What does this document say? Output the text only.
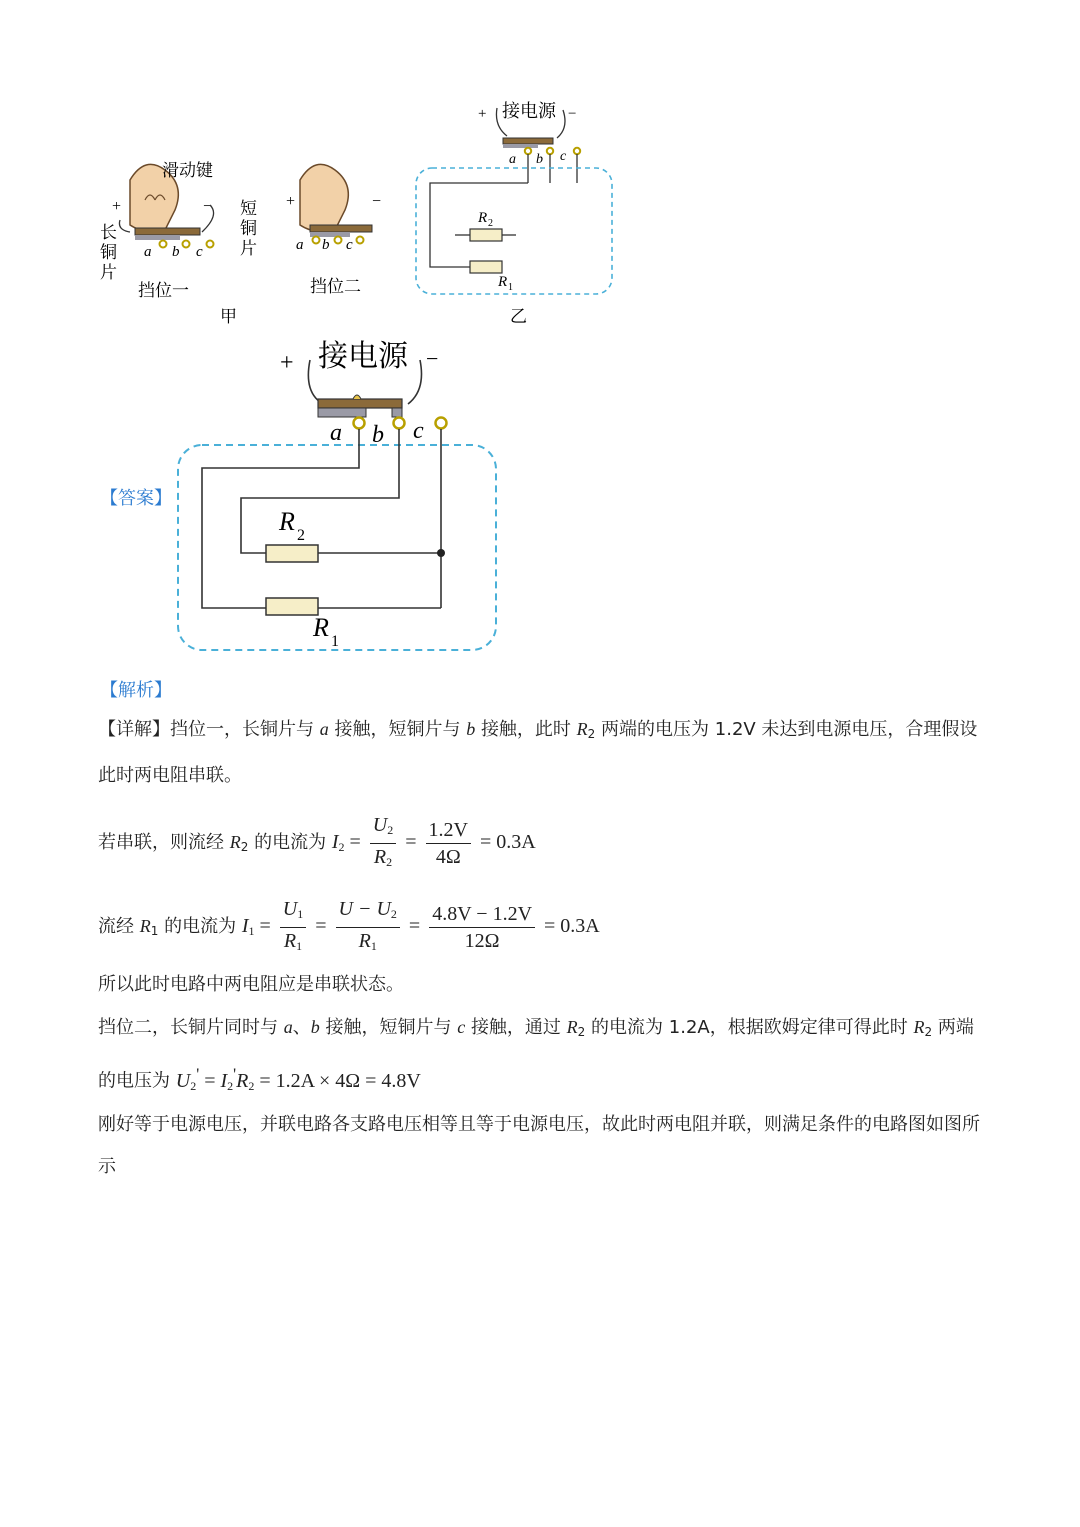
滑动键
+	−
长
铜
片
短
铜
片
a b c
挡位一
+	−
a b c
挡位二
甲
+ 接电源 −
a b c
R 2
R 1
乙
+ 接电源 −
a b c
R 2
R 1
【答案】
【解析】
【详解】挡位一，长铜片与 a 接触，短铜片与 b 接触，此时 $R_2$ 两端的电压为 1.2V 未达到电源电压，合理假设此时两电阻串联。
若串联，则流经 $R_2$ 的电流为 $I_2 = \frac{U_2}{R_2} = \frac{1.2V}{4\Omega} = 0.3A$
流经 $R_1$ 的电流为 $I_1 = \frac{U_1}{R_1} = \frac{U - U_2}{R_1} = \frac{4.8V - 1.2V}{12\Omega} = 0.3A$
所以此时电路中两电阻应是串联状态。
挡位二，长铜片同时与 a、b 接触，短铜片与 c 接触，通过 $R_2$ 的电流为 1.2A，根据欧姆定律可得此时 $R_2$ 两端的电压为 $U_2' = I_2'R_2 = 1.2A \times 4\Omega = 4.8V$
刚好等于电源电压，并联电路各支路电压相等且等于电源电压，故此时两电阻并联，则满足条件的电路图如图所示
